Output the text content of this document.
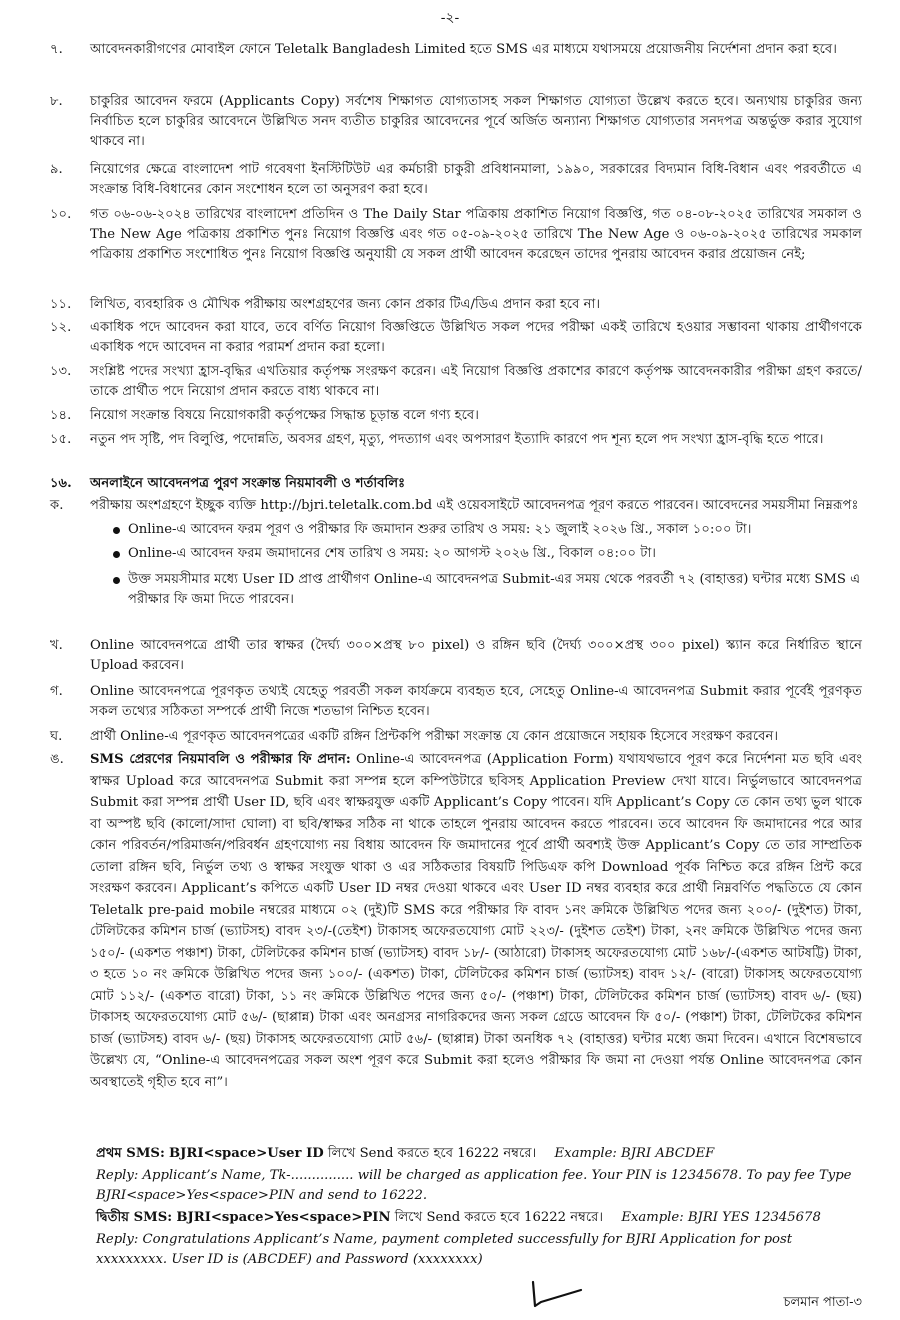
-২-
৭.	আবেদনকারীগণের মোবাইল ফোনে Teletalk Bangladesh Limited হতে SMS এর মাধ্যমে যথাসময়ে প্রয়োজনীয় নির্দেশনা প্রদান করা হবে।
৮.	চাকুরির আবেদন ফরমে (Applicants Copy) সর্বশেষ শিক্ষাগত যোগ্যতাসহ সকল শিক্ষাগত যোগ্যতা উল্লেখ করতে হবে। অন্যথায় চাকুরির জন্য নির্বাচিত হলে চাকুরির আবেদনে উল্লিখিত সনদ ব্যতীত চাকুরির আবেদনের পূর্বে অর্জিত অন্যান্য শিক্ষাগত যোগ্যতার সনদপত্র অন্তর্ভুক্ত করার সুযোগ থাকবে না।
৯.	নিয়োগের ক্ষেত্রে বাংলাদেশ পাট গবেষণা ইনস্টিটিউট এর কর্মচারী চাকুরী প্রবিধানমালা, ১৯৯০, সরকারের বিদ্যমান বিধি-বিধান এবং পরবর্তীতে এ সংক্রান্ত বিধি-বিধানের কোন সংশোধন হলে তা অনুসরণ করা হবে।
১০.	গত ০৬-০৬-২০২৪ তারিখের বাংলাদেশ প্রতিদিন ও The Daily Star পত্রিকায় প্রকাশিত নিয়োগ বিজ্ঞপ্তি, গত ০৪-০৮-২০২৫ তারিখের সমকাল ও The New Age পত্রিকায় প্রকাশিত পুনঃ নিয়োগ বিজ্ঞপ্তি এবং গত ০৫-০৯-২০২৫ তারিখে The New Age ও ০৬-০৯-২০২৫ তারিখের সমকাল পত্রিকায় প্রকাশিত সংশোধিত পুনঃ নিয়োগ বিজ্ঞপ্তি অনুযায়ী যে সকল প্রার্থী আবেদন করেছেন তাদের পুনরায় আবেদন করার প্রয়োজন নেই;
১১.	লিখিত, ব্যবহারিক ও মৌখিক পরীক্ষায় অংশগ্রহণের জন্য কোন প্রকার টিএ/ডিএ প্রদান করা হবে না।
১২.	একাধিক পদে আবেদন করা যাবে, তবে বর্ণিত নিয়োগ বিজ্ঞপ্তিতে উল্লিখিত সকল পদের পরীক্ষা একই তারিখে হওয়ার সম্ভাবনা থাকায় প্রার্থীগণকে একাধিক পদে আবেদন না করার পরামর্শ প্রদান করা হলো।
১৩.	সংশ্লিষ্ট পদের সংখ্যা হ্রাস-বৃদ্ধির এখতিয়ার কর্তৃপক্ষ সংরক্ষণ করেন। এই নিয়োগ বিজ্ঞপ্তি প্রকাশের কারণে কর্তৃপক্ষ আবেদনকারীর পরীক্ষা গ্রহণ করতে/তাকে প্রার্থীত পদে নিয়োগ প্রদান করতে বাধ্য থাকবে না।
১৪.	নিয়োগ সংক্রান্ত বিষয়ে নিয়োগকারী কর্তৃপক্ষের সিদ্ধান্ত চূড়ান্ত বলে গণ্য হবে।
১৫.	নতুন পদ সৃষ্টি, পদ বিলুপ্তি, পদোন্নতি, অবসর গ্রহণ, মৃত্যু, পদত্যাগ এবং অপসারণ ইত্যাদি কারণে পদ শূন্য হলে পদ সংখ্যা হ্রাস-বৃদ্ধি হতে পারে।
১৬.	অনলাইনে আবেদনপত্র পুরণ সংক্রান্ত নিয়মাবলী ও শর্তাবলিঃ
ক.	পরীক্ষায় অংশগ্রহণে ইচ্ছুক ব্যক্তি http://bjri.teletalk.com.bd এই ওয়েবসাইটে আবেদনপত্র পূরণ করতে পারবেন। আবেদনের সময়সীমা নিম্নরূপঃ
Online-এ আবেদন ফরম পূরণ ও পরীক্ষার ফি জমাদান শুরুর তারিখ ও সময়: ২১ জুলাই ২০২৬ খ্রি., সকাল ১০:০০ টা।
Online-এ আবেদন ফরম জমাদানের শেষ তারিখ ও সময়: ২০ আগস্ট ২০২৬ খ্রি., বিকাল ০৪:০০ টা।
উক্ত সময়সীমার মধ্যে User ID প্রাপ্ত প্রার্থীগণ Online-এ আবেদনপত্র Submit-এর সময় থেকে পরবর্তী ৭২ (বাহাত্তর) ঘন্টার মধ্যে SMS এ পরীক্ষার ফি জমা দিতে পারবেন।
খ.	Online আবেদনপত্রে প্রার্থী তার স্বাক্ষর (দৈর্ঘ্য ৩০০×প্রস্থ ৮০ pixel) ও রঙ্গিন ছবি (দৈর্ঘ্য ৩০০×প্রস্থ ৩০০ pixel) স্ক্যান করে নির্ধারিত স্থানে Upload করবেন।
গ.	Online আবেদনপত্রে পূরণকৃত তথ্যই যেহেতু পরবর্তী সকল কার্যক্রমে ব্যবহৃত হবে, সেহেতু Online-এ আবেদনপত্র Submit করার পূর্বেই পূরণকৃত সকল তথ্যের সঠিকতা সম্পর্কে প্রার্থী নিজে শতভাগ নিশ্চিত হবেন।
ঘ.	প্রার্থী Online-এ পূরণকৃত আবেদনপত্রের একটি রঙ্গিন প্রিন্টকপি পরীক্ষা সংক্রান্ত যে কোন প্রয়োজনে সহায়ক হিসেবে সংরক্ষণ করবেন।
ঙ.	SMS প্রেরণের নিয়মাবলি ও পরীক্ষার ফি প্রদান: Online-এ আবেদনপত্র (Application Form) যথাযথভাবে পূরণ করে নির্দেশনা মত ছবি এবং স্বাক্ষর Upload করে আবেদনপত্র Submit করা সম্পন্ন হলে কম্পিউটারে ছবিসহ Application Preview দেখা যাবে। নির্ভুলভাবে আবেদনপত্র Submit করা সম্পন্ন প্রার্থী User ID, ছবি এবং স্বাক্ষরযুক্ত একটি Applicant’s Copy পাবেন। যদি Applicant’s Copy তে কোন তথ্য ভুল থাকে বা অস্পষ্ট ছবি (কালো/সাদা ঘোলা) বা ছবি/স্বাক্ষর সঠিক না থাকে তাহলে পুনরায় আবেদন করতে পারবেন। তবে আবেদন ফি জমাদানের পরে আর কোন পরিবর্তন/পরিমার্জন/পরিবর্ধন গ্রহণযোগ্য নয় বিধায় আবেদন ফি জমাদানের পূর্বে প্রার্থী অবশ্যই উক্ত Applicant’s Copy তে তার সাম্প্রতিক তোলা রঙ্গিন ছবি, নির্ভুল তথ্য ও স্বাক্ষর সংযুক্ত থাকা ও এর সঠিকতার বিষয়টি পিডিএফ কপি Download পূর্বক নিশ্চিত করে রঙ্গিন প্রিন্ট করে সংরক্ষণ করবেন। Applicant’s কপিতে একটি User ID নম্বর দেওয়া থাকবে এবং User ID নম্বর ব্যবহার করে প্রার্থী নিম্নবর্ণিত পদ্ধতিতে যে কোন Teletalk pre-paid mobile নম্বরের মাধ্যমে ০২ (দুই)টি SMS করে পরীক্ষার ফি বাবদ ১নং ক্রমিকে উল্লিখিত পদের জন্য ২০০/- (দুইশত) টাকা, টেলিটকের কমিশন চার্জ (ভ্যাটসহ) বাবদ ২৩/-(তেইশ) টাকাসহ অফেরতযোগ্য মোট ২২৩/- (দুইশত তেইশ) টাকা, ২নং ক্রমিকে উল্লিখিত পদের জন্য ১৫০/- (একশত পঞ্চাশ) টাকা, টেলিটকের কমিশন চার্জ (ভ্যাটসহ) বাবদ ১৮/- (আঠারো) টাকাসহ অফেরতযোগ্য মোট ১৬৮/-(একশত আটষট্টি) টাকা, ৩ হতে ১০ নং ক্রমিকে উল্লিখিত পদের জন্য ১০০/- (একশত) টাকা, টেলিটকের কমিশন চার্জ (ভ্যাটসহ) বাবদ ১২/- (বারো) টাকাসহ অফেরতযোগ্য মোট ১১২/- (একশত বারো) টাকা, ১১ নং ক্রমিকে উল্লিখিত পদের জন্য ৫০/- (পঞ্চাশ) টাকা, টেলিটকের কমিশন চার্জ (ভ্যাটসহ) বাবদ ৬/- (ছয়) টাকাসহ অফেরতযোগ্য মোট ৫৬/- (ছাপ্পান্ন) টাকা এবং অনগ্রসর নাগরিকদের জন্য সকল গ্রেডে আবেদন ফি ৫০/- (পঞ্চাশ) টাকা, টেলিটকের কমিশন চার্জ (ভ্যাটসহ) বাবদ ৬/- (ছয়) টাকাসহ অফেরতযোগ্য মোট ৫৬/- (ছাপ্পান্ন) টাকা অনধিক ৭২ (বাহাত্তর) ঘন্টার মধ্যে জমা দিবেন। এখানে বিশেষভাবে উল্লেখ্য যে, “Online-এ আবেদনপত্রের সকল অংশ পূরণ করে Submit করা হলেও পরীক্ষার ফি জমা না দেওয়া পর্যন্ত Online আবেদনপত্র কোন অবস্থাতেই গৃহীত হবে না”।
প্রথম SMS: BJRI<space>User ID লিখে Send করতে হবে 16222 নম্বরে। Example: BJRI ABCDEF
Reply: Applicant’s Name, Tk-............... will be charged as application fee. Your PIN is 12345678. To pay fee Type BJRI<space>Yes<space>PIN and send to 16222.
দ্বিতীয় SMS: BJRI<space>Yes<space>PIN লিখে Send করতে হবে 16222 নম্বরে। Example: BJRI YES 12345678
Reply: Congratulations Applicant’s Name, payment completed successfully for BJRI Application for post xxxxxxxxx. User ID is (ABCDEF) and Password (xxxxxxxx)
চলমান পাতা-৩
